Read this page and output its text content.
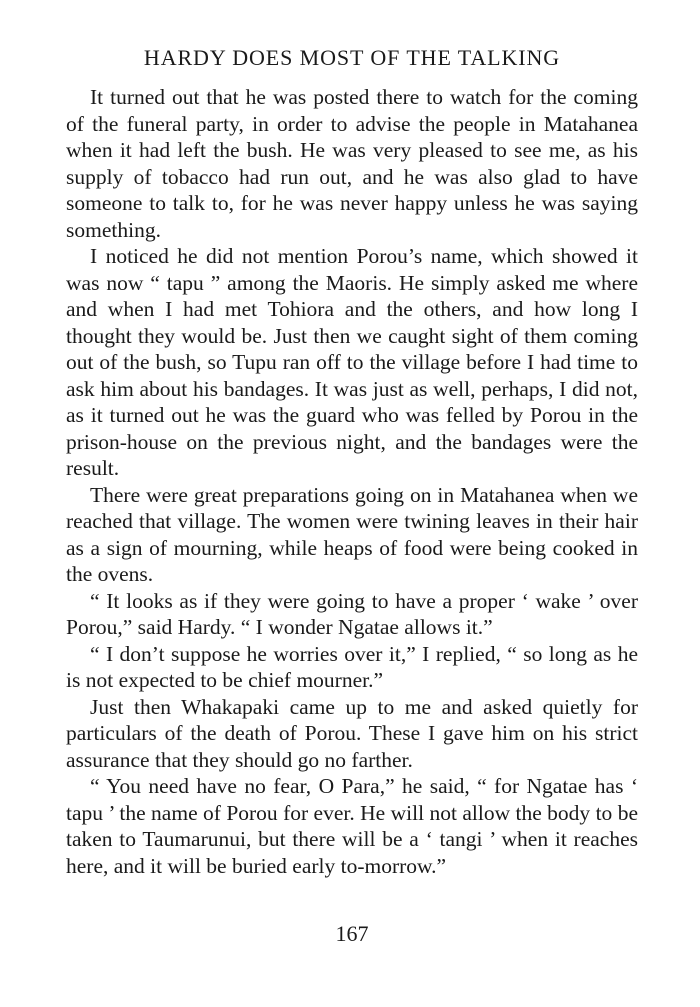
HARDY DOES MOST OF THE TALKING

It turned out that he was posted there to watch for the coming of the funeral party, in order to advise the people in Matahanea when it had left the bush. He was very pleased to see me, as his supply of tobacco had run out, and he was also glad to have someone to talk to, for he was never happy unless he was saying something.

I noticed he did not mention Porou’s name, which showed it was now “ tapu ” among the Maoris. He simply asked me where and when I had met Tohiora and the others, and how long I thought they would be. Just then we caught sight of them coming out of the bush, so Tupu ran off to the village before I had time to ask him about his bandages. It was just as well, perhaps, I did not, as it turned out he was the guard who was felled by Porou in the prison-house on the previous night, and the bandages were the result.

There were great preparations going on in Matahanea when we reached that village. The women were twining leaves in their hair as a sign of mourning, while heaps of food were being cooked in the ovens.

“ It looks as if they were going to have a proper ‘ wake ’ over Porou,” said Hardy. “ I wonder Ngatae allows it.”

“ I don’t suppose he worries over it,” I replied, “ so long as he is not expected to be chief mourner.”

Just then Whakapaki came up to me and asked quietly for particulars of the death of Porou. These I gave him on his strict assurance that they should go no farther.

“ You need have no fear, O Para,” he said, “ for Ngatae has ‘ tapu ’ the name of Porou for ever. He will not allow the body to be taken to Taumarunui, but there will be a ‘ tangi ’ when it reaches here, and it will be buried early to-morrow.”

167
